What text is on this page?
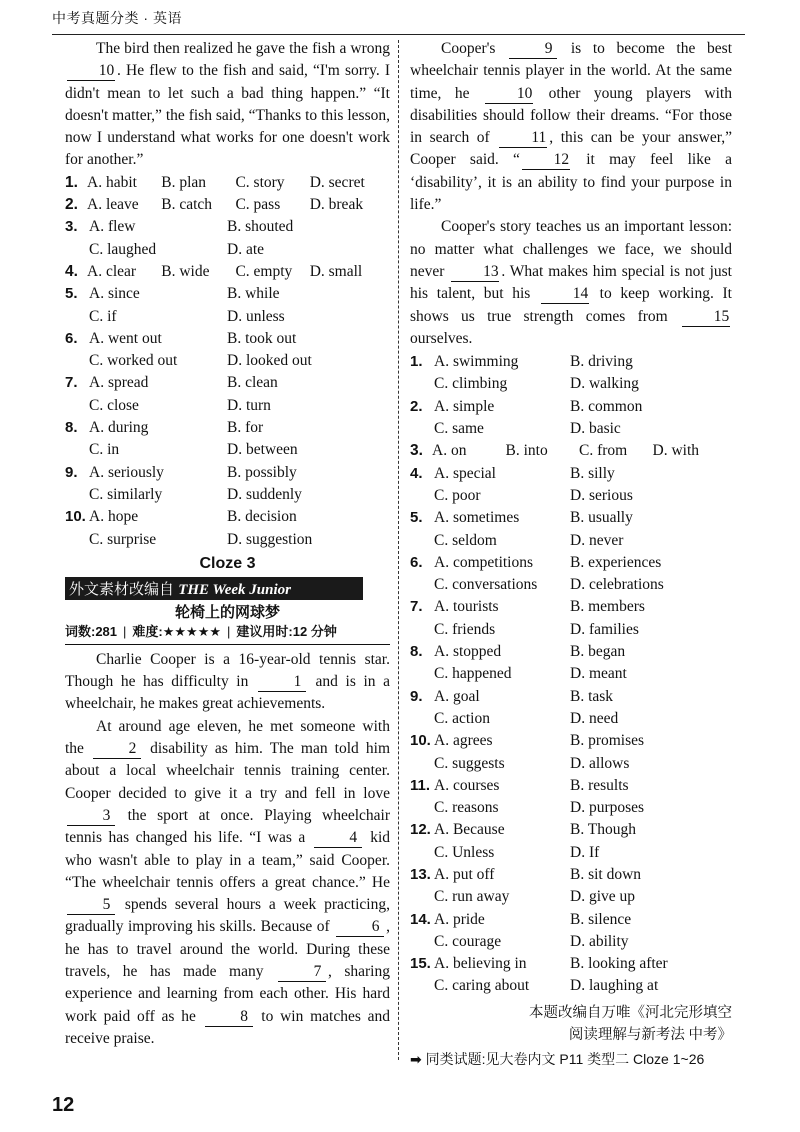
中考真题分类 · 英语

The bird then realized he gave the fish a wrong 10 . He flew to the fish and said, “I'm sorry. I didn't mean to let such a bad thing happen.” “It doesn't matter,” the fish said, “Thanks to this lesson, now I understand what works for one doesn't work for another.”

1. A. habit	B. plan	C. story	D. secret
2. A. leave	B. catch	C. pass	D. break
3. A. flew	B. shouted
C. laughed	D. ate
4. A. clear	B. wide	C. empty	D. small
5. A. since	B. while
C. if	D. unless
6. A. went out	B. took out
C. worked out	D. looked out
7. A. spread	B. clean
C. close	D. turn
8. A. during	B. for
C. in	D. between
9. A. seriously	B. possibly
C. similarly	D. suddenly
10. A. hope	B. decision
C. surprise	D. suggestion
Cloze 3
外文素材改编自 THE Week Junior
轮椅上的网球梦
词数:281 | 难度:★★★★★ | 建议用时:12 分钟

Charlie Cooper is a 16-year-old tennis star. Though he has difficulty in 1 and is in a wheelchair, he makes great achievements.

At around age eleven, he met someone with the 2 disability as him. The man told him about a local wheelchair tennis training center. Cooper decided to give it a try and fell in love 3 the sport at once. Playing wheelchair tennis has changed his life. “I was a 4 kid who wasn't able to play in a team,” said Cooper. “The wheelchair tennis offers a great chance.” He 5 spends several hours a week practicing, gradually improving his skills. Because of 6 , he has to travel around the world. During these travels, he has made many 7 , sharing experience and learning from each other. His hard work paid off as he 8 to win matches and receive praise.

Cooper's 9 is to become the best wheelchair tennis player in the world. At the same time, he 10 other young players with disabilities should follow their dreams. “For those in search of 11 , this can be your answer,” Cooper said. “ 12 it may feel like a ‘disability’, it is an ability to find your purpose in life.”

Cooper's story teaches us an important lesson: no matter what challenges we face, we should never 13 . What makes him special is not just his talent, but his 14 to keep working. It shows us true strength comes from 15 ourselves.

1. A. swimming	B. driving
C. climbing	D. walking
2. A. simple	B. common
C. same	D. basic
3. A. on	B. into	C. from	D. with
4. A. special	B. silly
C. poor	D. serious
5. A. sometimes	B. usually
C. seldom	D. never
6. A. competitions	B. experiences
C. conversations	D. celebrations
7. A. tourists	B. members
C. friends	D. families
8. A. stopped	B. began
C. happened	D. meant
9. A. goal	B. task
C. action	D. need
10. A. agrees	B. promises
C. suggests	D. allows
11. A. courses	B. results
C. reasons	D. purposes
12. A. Because	B. Though
C. Unless	D. If
13. A. put off	B. sit down
C. run away	D. give up
14. A. pride	B. silence
C. courage	D. ability
15. A. believing in	B. looking after
C. caring about	D. laughing at
本题改编自万唯《河北完形填空
阅读理解与新考法 中考》
➡ 同类试题:见大卷内文 P11 类型二 Cloze 1~26
12
